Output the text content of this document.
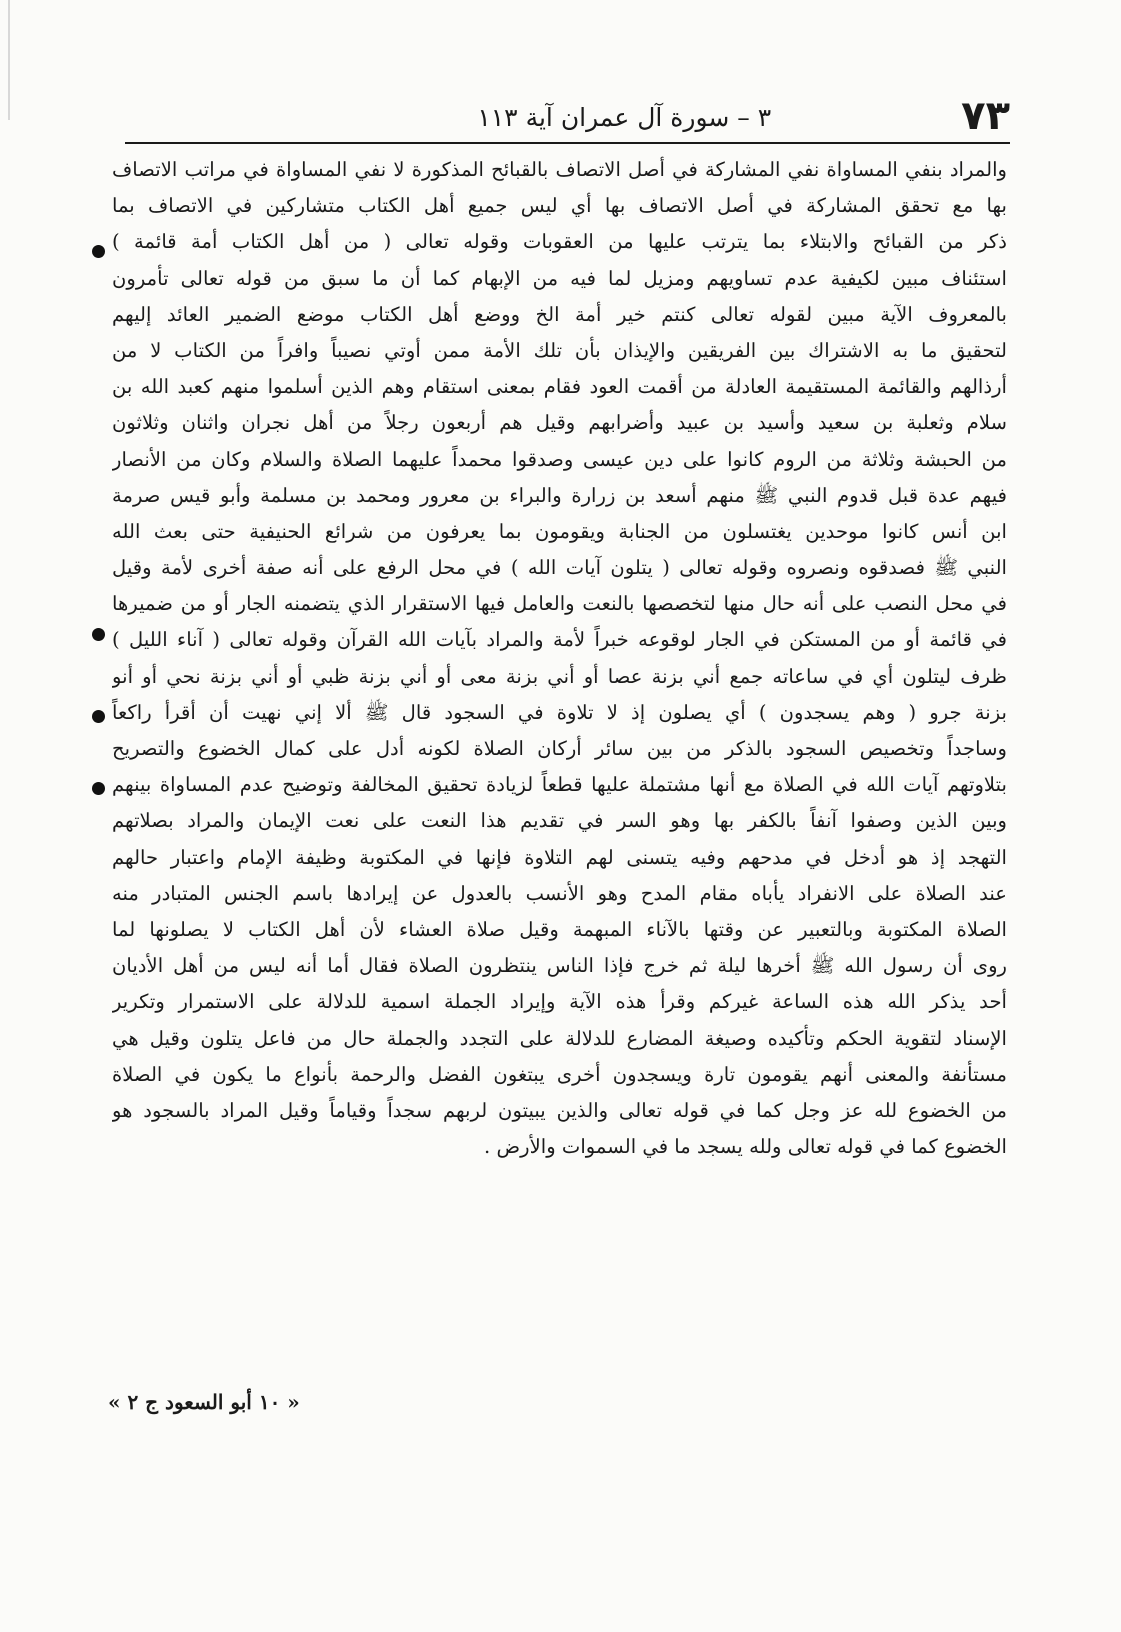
٧٣
٣ – سورة آل عمران آية ١١٣
والمراد بنفي المساواة نفي المشاركة في أصل الاتصاف بالقبائح المذكورة لا نفي المساواة في مراتب الاتصاف
بها مع تحقق المشاركة في أصل الاتصاف بها أي ليس جميع أهل الكتاب متشاركين في الاتصاف بما
ذكر من القبائح والابتلاء بما يترتب عليها من العقوبات وقوله تعالى ( من أهل الكتاب أمة قائمة )
استئناف مبين لكيفية عدم تساويهم ومزيل لما فيه من الإبهام كما أن ما سبق من قوله تعالى تأمرون
بالمعروف الآية مبين لقوله تعالى كنتم خير أمة الخ ووضع أهل الكتاب موضع الضمير العائد إليهم
لتحقيق ما به الاشتراك بين الفريقين والإيذان بأن تلك الأمة ممن أوتي نصيباً وافراً من الكتاب لا من
أرذالهم والقائمة المستقيمة العادلة من أقمت العود فقام بمعنى استقام وهم الذين أسلموا منهم كعبد الله بن
سلام وثعلبة بن سعيد وأسيد بن عبيد وأضرابهم وقيل هم أربعون رجلاً من أهل نجران واثنان وثلاثون
من الحبشة وثلاثة من الروم كانوا على دين عيسى وصدقوا محمداً عليهما الصلاة والسلام وكان من الأنصار
فيهم عدة قبل قدوم النبي ﷺ منهم أسعد بن زرارة والبراء بن معرور ومحمد بن مسلمة وأبو قيس صرمة
ابن أنس كانوا موحدين يغتسلون من الجنابة ويقومون بما يعرفون من شرائع الحنيفية حتى بعث الله
النبي ﷺ فصدقوه ونصروه وقوله تعالى ( يتلون آيات الله ) في محل الرفع على أنه صفة أخرى لأمة وقيل
في محل النصب على أنه حال منها لتخصصها بالنعت والعامل فيها الاستقرار الذي يتضمنه الجار أو من ضميرها
في قائمة أو من المستكن في الجار لوقوعه خبراً لأمة والمراد بآيات الله القرآن وقوله تعالى ( آناء الليل )
ظرف ليتلون أي في ساعاته جمع أني بزنة عصا أو أني بزنة معى أو أني بزنة ظبي أو أني بزنة نحي أو أنو
بزنة جرو ( وهم يسجدون ) أي يصلون إذ لا تلاوة في السجود قال ﷺ ألا إني نهيت أن أقرأ راكعاً
وساجداً وتخصيص السجود بالذكر من بين سائر أركان الصلاة لكونه أدل على كمال الخضوع والتصريح
بتلاوتهم آيات الله في الصلاة مع أنها مشتملة عليها قطعاً لزيادة تحقيق المخالفة وتوضيح عدم المساواة بينهم
وبين الذين وصفوا آنفاً بالكفر بها وهو السر في تقديم هذا النعت على نعت الإيمان والمراد بصلاتهم
التهجد إذ هو أدخل في مدحهم وفيه يتسنى لهم التلاوة فإنها في المكتوبة وظيفة الإمام واعتبار حالهم
عند الصلاة على الانفراد يأباه مقام المدح وهو الأنسب بالعدول عن إيرادها باسم الجنس المتبادر منه
الصلاة المكتوبة وبالتعبير عن وقتها بالآناء المبهمة وقيل صلاة العشاء لأن أهل الكتاب لا يصلونها لما
روى أن رسول الله ﷺ أخرها ليلة ثم خرج فإذا الناس ينتظرون الصلاة فقال أما أنه ليس من أهل الأديان
أحد يذكر الله هذه الساعة غيركم وقرأ هذه الآية وإيراد الجملة اسمية للدلالة على الاستمرار وتكرير
الإسناد لتقوية الحكم وتأكيده وصيغة المضارع للدلالة على التجدد والجملة حال من فاعل يتلون وقيل هي
مستأنفة والمعنى أنهم يقومون تارة ويسجدون أخرى يبتغون الفضل والرحمة بأنواع ما يكون في الصلاة
من الخضوع لله عز وجل كما في قوله تعالى والذين يبيتون لربهم سجداً وقياماً وقيل المراد بالسجود هو
الخضوع كما في قوله تعالى ولله يسجد ما في السموات والأرض .
« ١٠ أبو السعود ج ٢ »
